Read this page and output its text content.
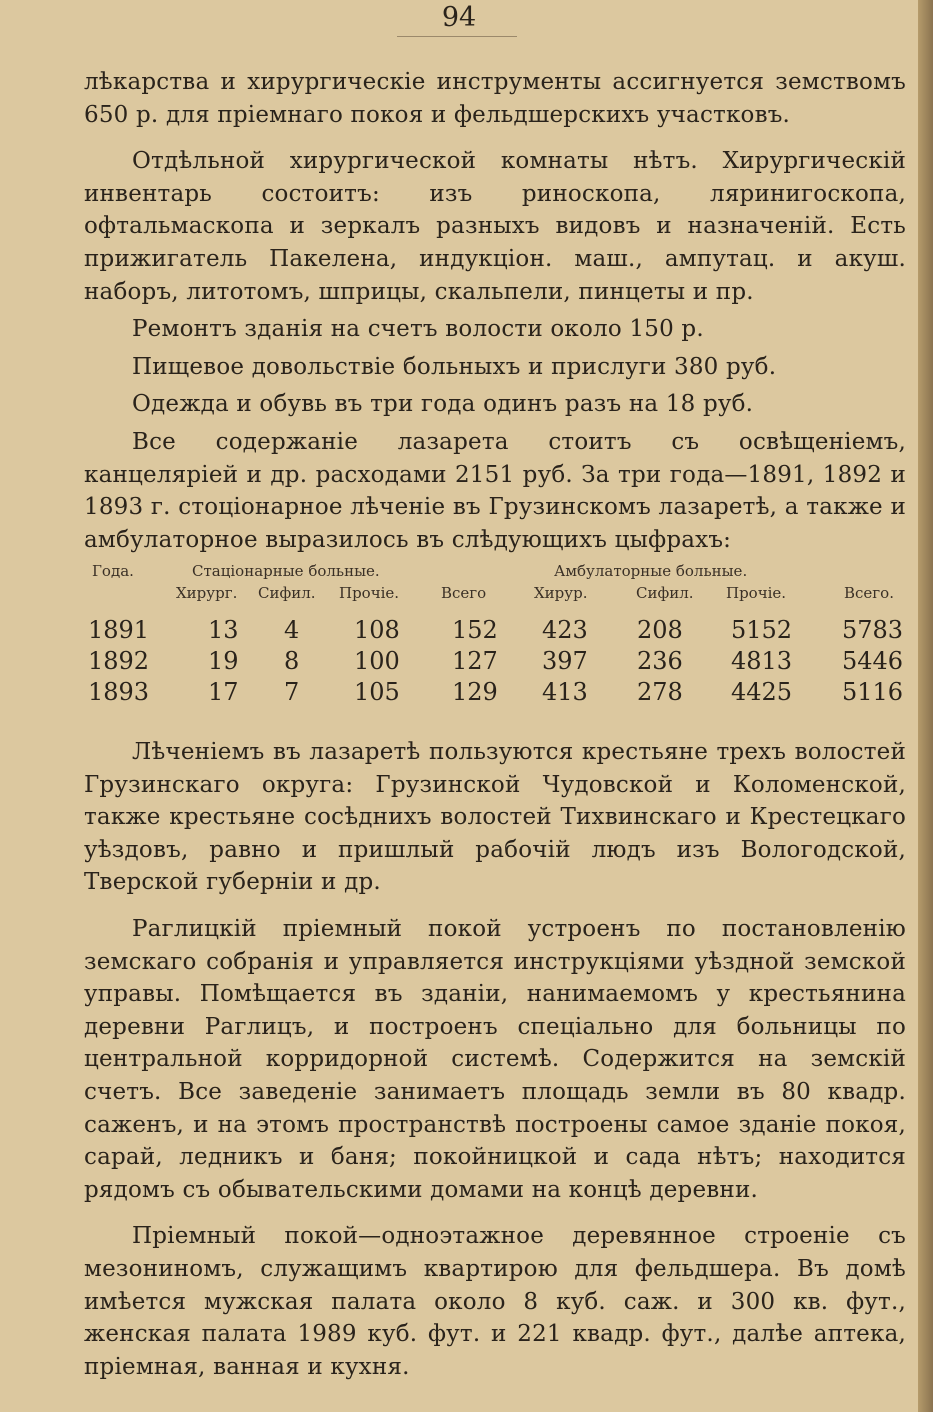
94

лѣкарства и хирургическіе инструменты ассигнуется земствомъ 650 р. для пріемнаго покоя и фельдшерскихъ участковъ.

Отдѣльной хирургической комнаты нѣтъ. Хирургическій инвентарь состоитъ: изъ риноскопа, ляринигоскопа, офтальмаскопа и зеркалъ разныхъ видовъ и назначеній. Есть прижигатель Пакелена, индукціон. маш., ампутац. и акуш. наборъ, литотомъ, шприцы, скальпели, пинцеты и пр.

Ремонтъ зданія на счетъ волости около 150 р.

Пищевое довольствіе больныхъ и прислуги 380 руб.

Одежда и обувь въ три года одинъ разъ на 18 руб.

Все содержаніе лазарета стоитъ съ освѣщеніемъ, канцеляріей и др. расходами 2151 руб. За три года—1891, 1892 и 1893 г. стоціонарное лѣченіе въ Грузинскомъ лазаретѣ, а также и амбулаторное выразилось въ слѣдующихъ цыфрахъ:

Года.	Стаціонарные больные.	Амбулаторные больные.
Хирург. Сифил. Прочіе.	Всего	Хирур.	Сифил. Прочіе.	Всего.
1891 13 4 108 152 423 208 5152 5783
1892 19 8 100 127 397 236 4813 5446
1893 17 7 105 129 413 278 4425 5116

Лѣченіемъ въ лазаретѣ пользуются крестьяне трехъ волостей Грузинскаго округа: Грузинской Чудовской и Коломенской, также крестьяне сосѣднихъ волостей Тихвинскаго и Крестецкаго уѣздовъ, равно и пришлый рабочій людъ изъ Вологодской, Тверской губерніи и др.

Раглицкій пріемный покой устроенъ по постановленію земскаго собранія и управляется инструкціями уѣздной земской управы. Помѣщается въ зданіи, нанимаемомъ у крестьянина деревни Раглицъ, и построенъ спеціально для больницы по центральной корридорной системѣ. Содержится на земскій счетъ. Все заведеніе занимаетъ площадь земли въ 80 квадр. саженъ, и на этомъ пространствѣ построены самое зданіе покоя, сарай, ледникъ и баня; покойницкой и сада нѣтъ; находится рядомъ съ обывательскими домами на концѣ деревни.

Пріемный покой—одноэтажное деревянное строеніе съ мезониномъ, служащимъ квартирою для фельдшера. Въ домѣ имѣется мужская палата около 8 куб. саж. и 300 кв. фут., женская палата 1989 куб. фут. и 221 квадр. фут., далѣе аптека, пріемная, ванная и кухня.
